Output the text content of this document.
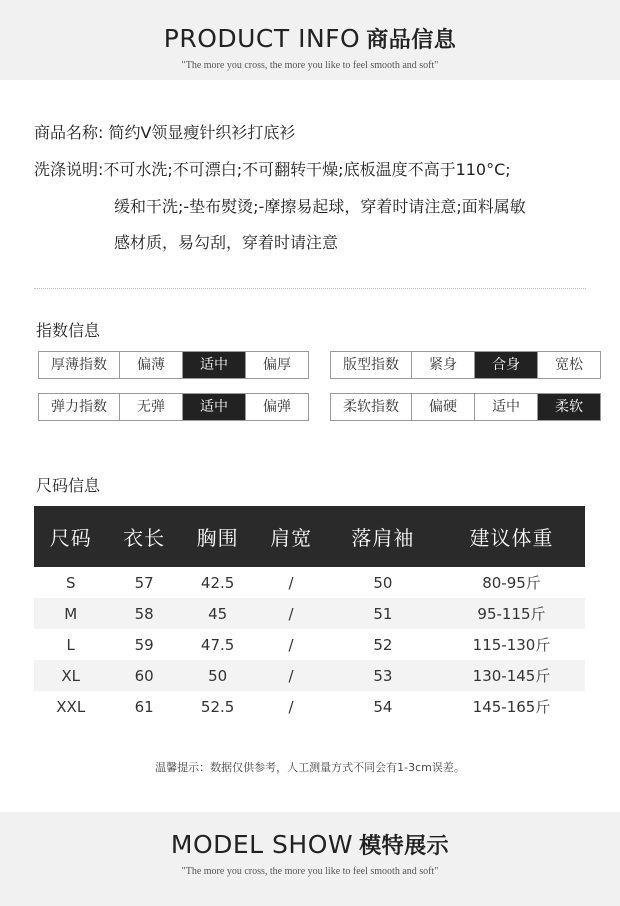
PRODUCT INFO 商品信息
"The more you cross, the more you like to feel smooth and soft"
商品名称: 简约V领显瘦针织衫打底衫
洗涤说明:不可水洗;不可漂白;不可翻转干燥;底板温度不高于110°C;
缓和干洗;-垫布熨烫;-摩擦易起球，穿着时请注意;面料属敏
感材质，易勾刮，穿着时请注意
指数信息
厚薄指数	偏薄	适中	偏厚	版型指数	紧身	合身	宽松
弹力指数	无弹	适中	偏弹	柔软指数	偏硬	适中	柔软
尺码信息
尺码	衣长	胸围	肩宽	落肩袖	建议体重
S	57	42.5	/	50	80-95斤
M	58	45	/	51	95-115斤
L	59	47.5	/	52	115-130斤
XL	60	50	/	53	130-145斤
XXL	61	52.5	/	54	145-165斤
温馨提示：数据仅供参考，人工测量方式不同会有1-3cm误差。
MODEL SHOW 模特展示
"The more you cross, the more you like to feel smooth and soft"
